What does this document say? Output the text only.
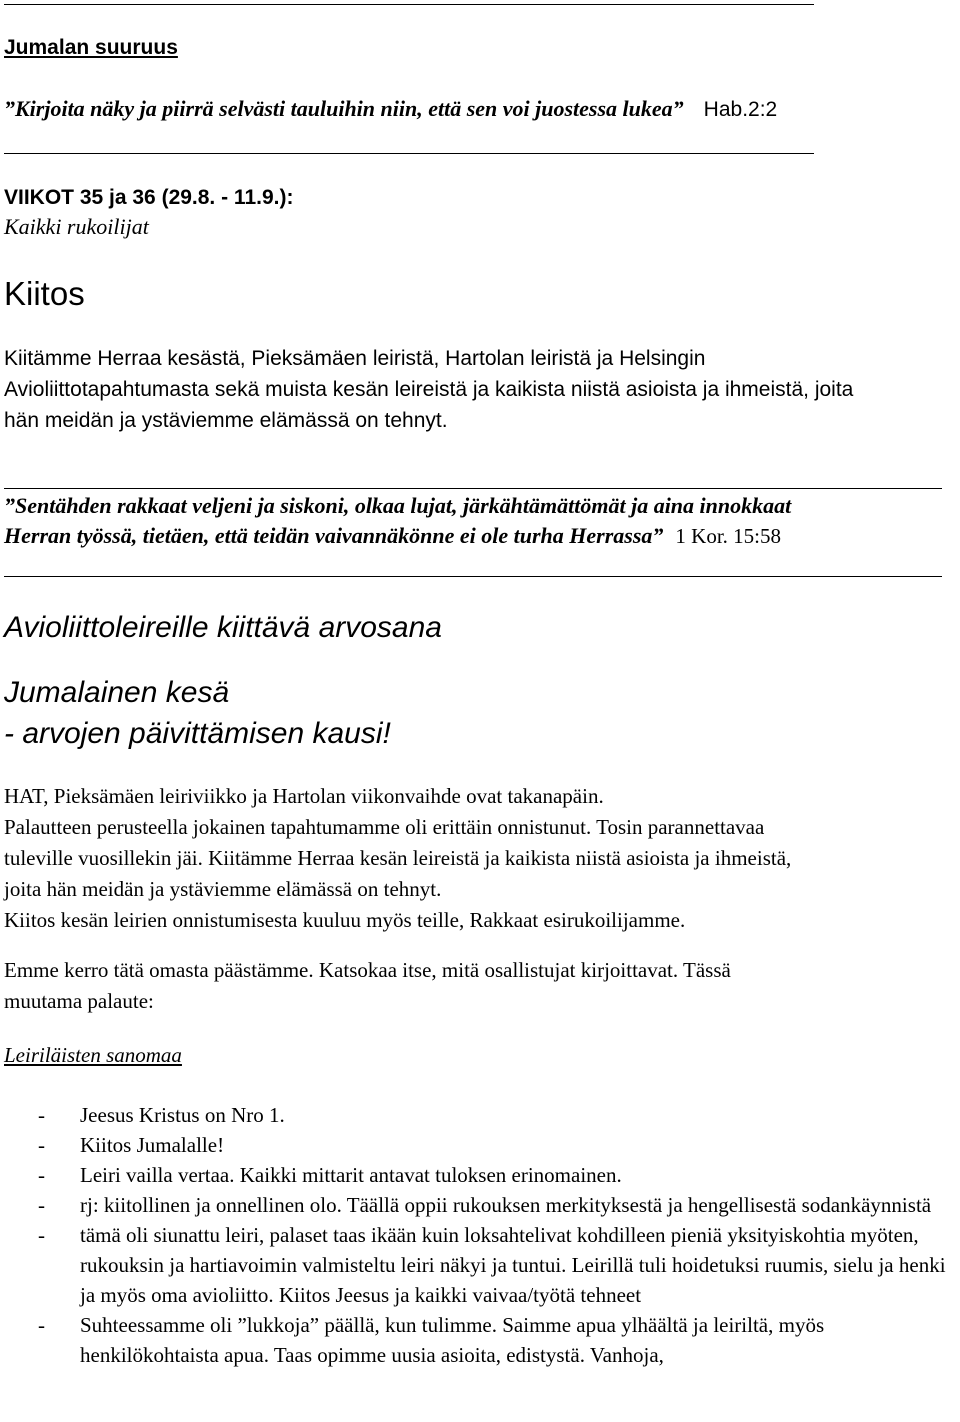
Jumalan suuruus
”Kirjoita näky ja piirrä selvästi tauluihin niin, että sen voi juostessa lukea” Hab.2:2
VIIKOT 35 ja 36 (29.8. - 11.9.):
Kaikki rukoilijat
Kiitos
Kiitämme Herraa kesästä, Pieksämäen leiristä, Hartolan leiristä ja Helsingin
Avioliittotapahtumasta sekä muista kesän leireistä ja kaikista niistä asioista ja ihmeistä, joita
hän meidän ja ystäviemme elämässä on tehnyt.
”Sentähden rakkaat veljeni ja siskoni, olkaa lujat, järkähtämättömät ja aina innokkaat
Herran työssä, tietäen, että teidän vaivannäkönne ei ole turha Herrassa” 1 Kor. 15:58
Avioliittoleireille kiittävä arvosana
Jumalainen kesä
- arvojen päivittämisen kausi!
HAT, Pieksämäen leiriviikko ja Hartolan viikonvaihde ovat takanapäin.
Palautteen perusteella jokainen tapahtumamme oli erittäin onnistunut. Tosin parannettavaa
tuleville vuosillekin jäi. Kiitämme Herraa kesän leireistä ja kaikista niistä asioista ja ihmeistä,
joita hän meidän ja ystäviemme elämässä on tehnyt.
Kiitos kesän leirien onnistumisesta kuuluu myös teille, Rakkaat esirukoilijamme.
Emme kerro tätä omasta päästämme. Katsokaa itse, mitä osallistujat kirjoittavat. Tässä
muutama palaute:
Leiriläisten sanomaa
- Jeesus Kristus on Nro 1.
- Kiitos Jumalalle!
- Leiri vailla vertaa. Kaikki mittarit antavat tuloksen erinomainen.
- rj: kiitollinen ja onnellinen olo. Täällä oppii rukouksen merkityksestä ja hengellisestä sodankäynnistä
- tämä oli siunattu leiri, palaset taas ikään kuin loksahtelivat kohdilleen pieniä yksityiskohtia myöten, rukouksin ja hartiavoimin valmisteltu leiri näkyi ja tuntui. Leirillä tuli hoidetuksi ruumis, sielu ja henki ja myös oma avioliitto. Kiitos Jeesus ja kaikki vaivaa/työtä tehneet
- Suhteessamme oli ”lukkoja” päällä, kun tulimme. Saimme apua ylhäältä ja leiriltä, myös henkilökohtaista apua. Taas opimme uusia asioita, edistystä. Vanhoja,
